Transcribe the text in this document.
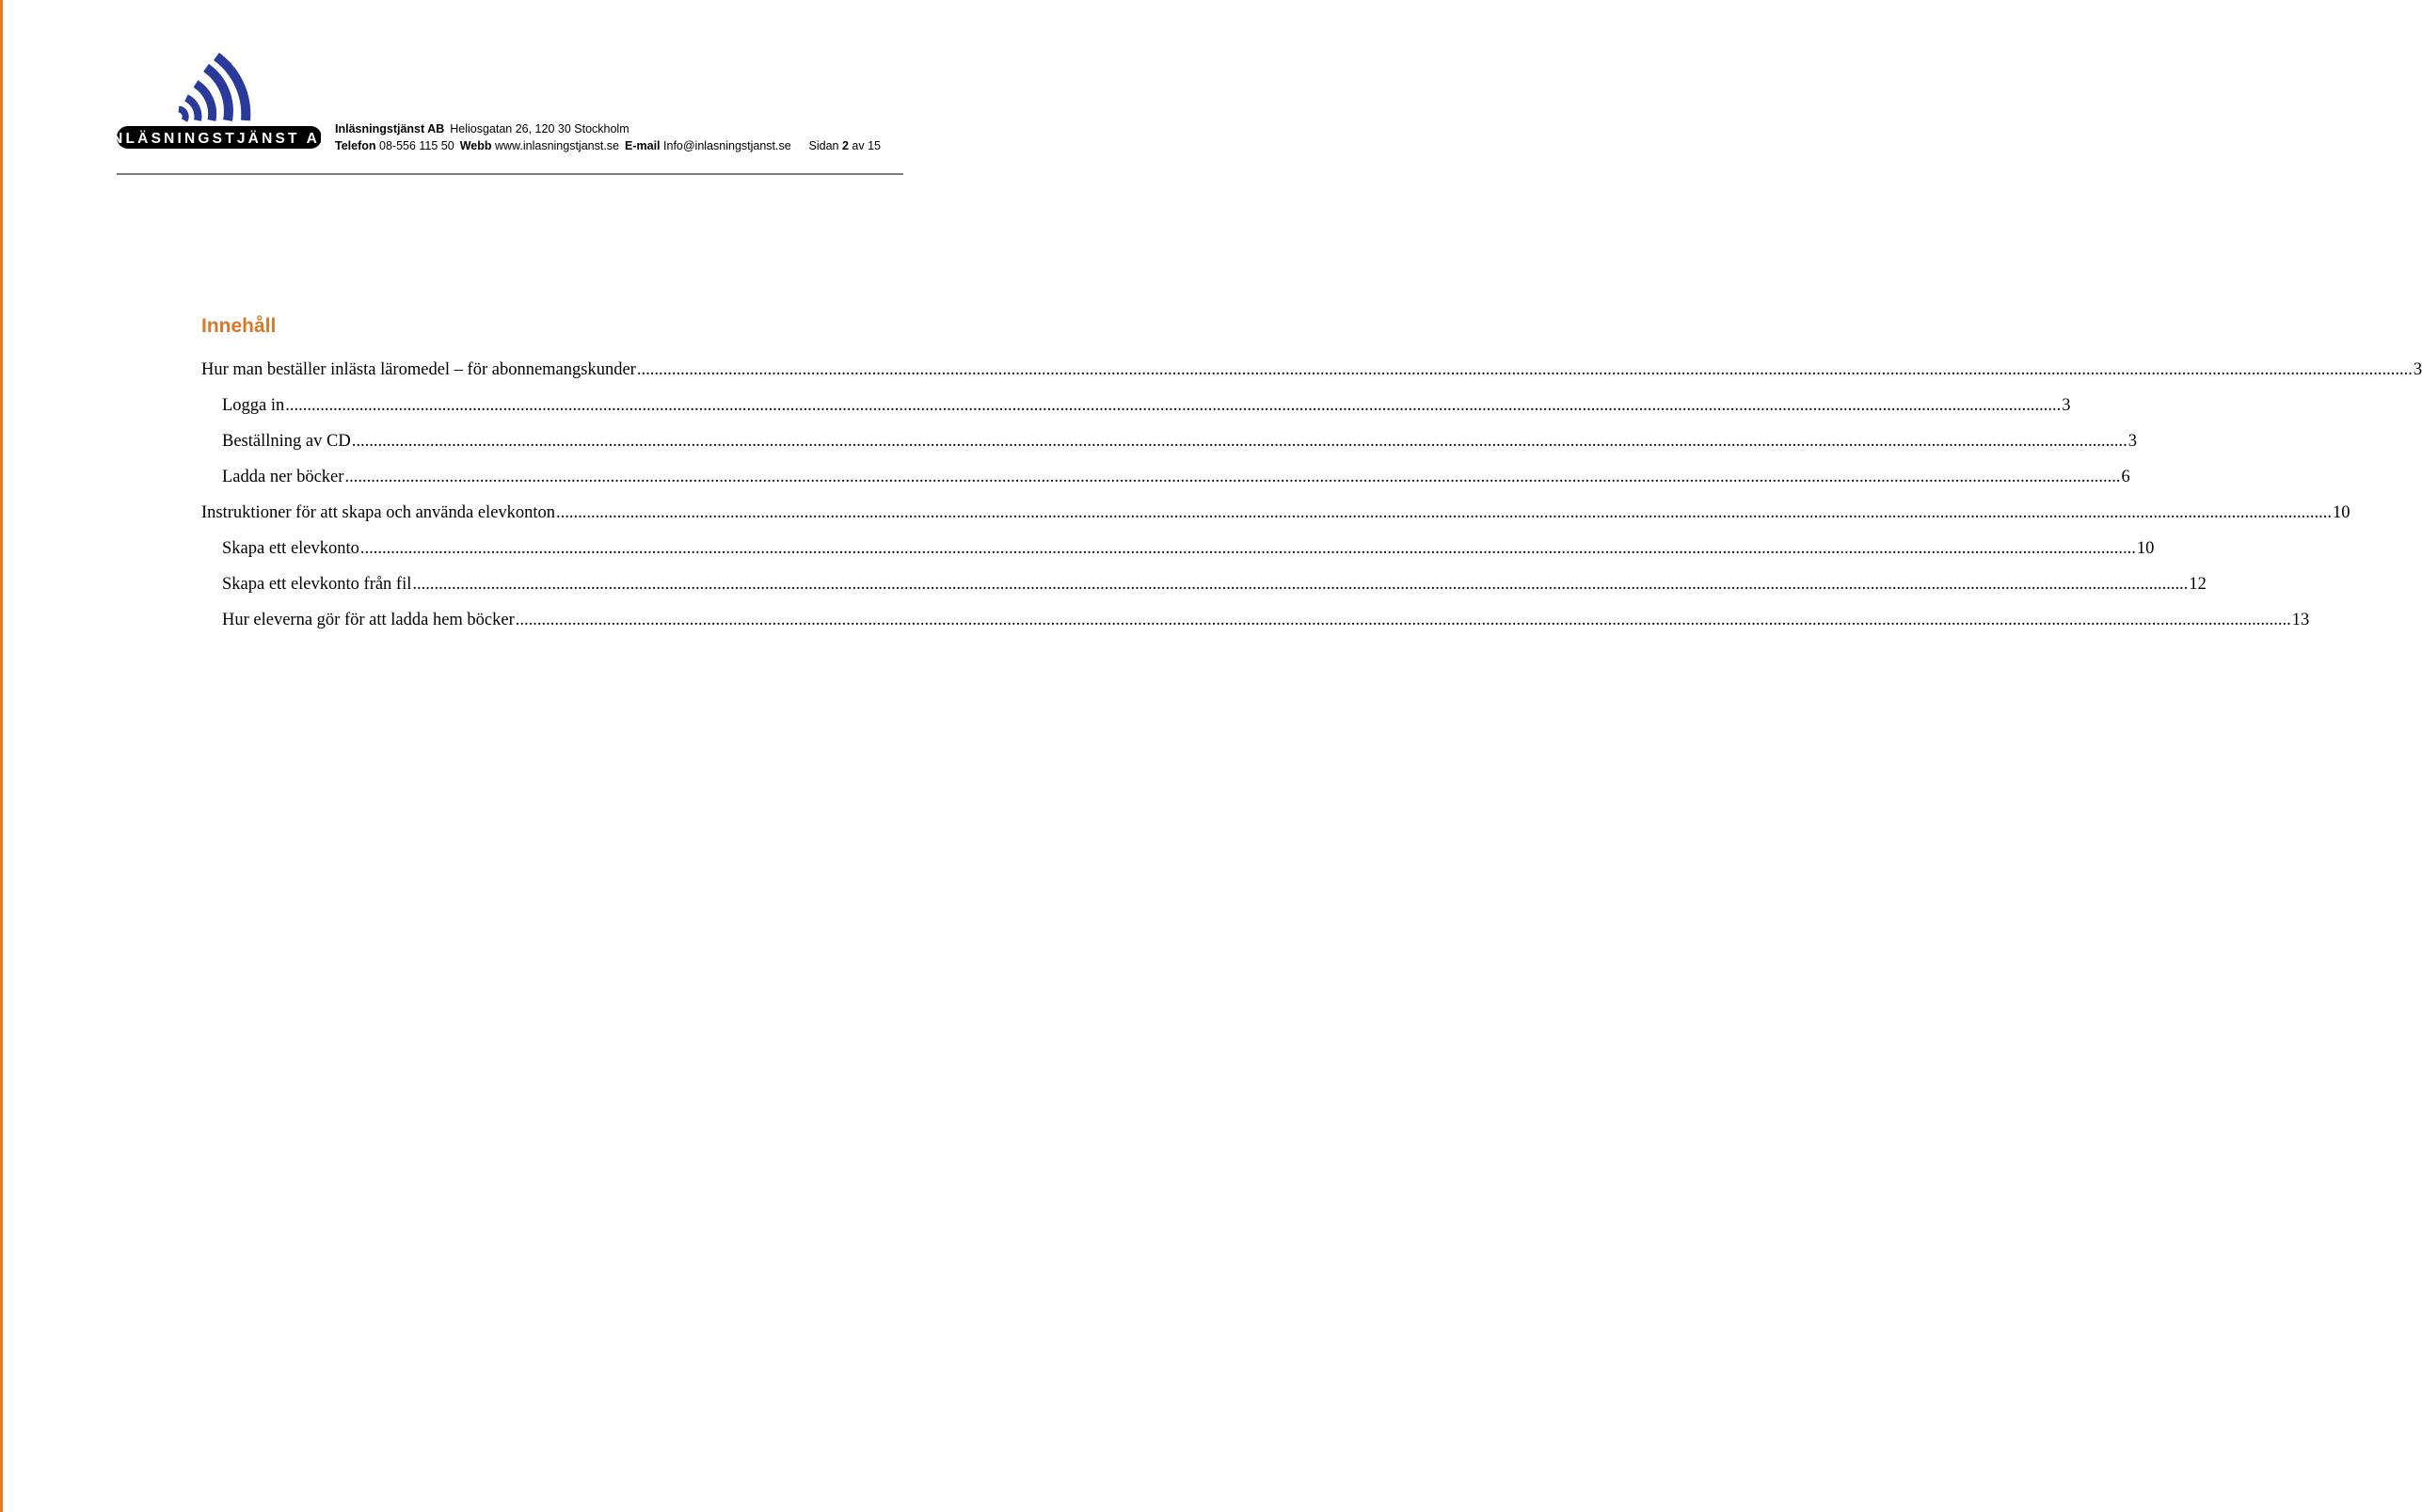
INLÄSNINGSTJÄNST AB
Inläsningstjänst AB Heliosgatan 26, 120 30 Stockholm
Telefon 08-556 115 50 Webb www.inlasningstjanst.se E-mail Info@inlasningstjanst.se Sidan 2 av 15
Innehåll
Hur man beställer inlästa läromedel – för abonnemangskunder .....	3
Logga in .....	3
Beställning av CD .....	3
Ladda ner böcker .....	6
Instruktioner för att skapa och använda elevkonton .....	10
Skapa ett elevkonto .....	10
Skapa ett elevkonto från fil .....	12
Hur eleverna gör för att ladda hem böcker .....	13
